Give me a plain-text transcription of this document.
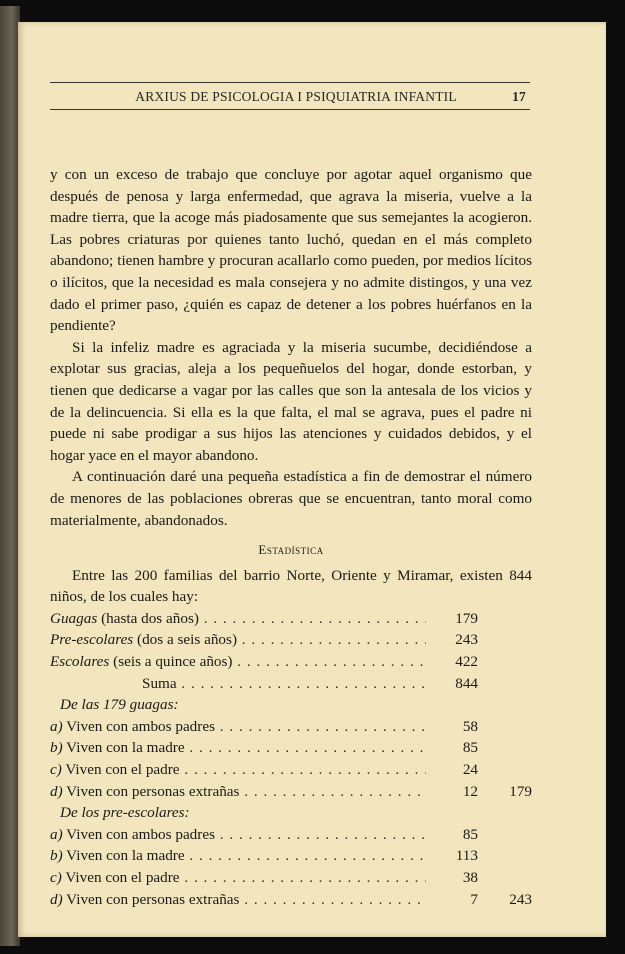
ARXIUS DE PSICOLOGIA I PSIQUIATRIA INFANTIL	17

y con un exceso de trabajo que concluye por agotar aquel organismo que después de penosa y larga enfermedad, que agrava la miseria, vuelve a la madre tierra, que la acoge más piadosamente que sus semejantes la acogieron. Las pobres criaturas por quienes tanto luchó, quedan en el más completo abandono; tienen hambre y procuran acallarlo como pueden, por medios lícitos o ilícitos, que la necesidad es mala consejera y no admite distingos, y una vez dado el primer paso, ¿quién es capaz de detener a los pobres huérfanos en la pendiente?

Si la infeliz madre es agraciada y la miseria sucumbe, decidiéndose a explotar sus gracias, aleja a los pequeñuelos del hogar, donde estorban, y tienen que dedicarse a vagar por las calles que son la antesala de los vicios y de la delincuencia. Si ella es la que falta, el mal se agrava, pues el padre ni puede ni sabe prodigar a sus hijos las atenciones y cuidados debidos, y el hogar yace en el mayor abandono.

A continuación daré una pequeña estadística a fin de demostrar el número de menores de las poblaciones obreras que se encuentran, tanto moral como materialmente, abandonados.

Estadística

Entre las 200 familias del barrio Norte, Oriente y Miramar, existen 844 niños, de los cuales hay:

Guagas (hasta dos años) . . .	179
Pre-escolares (dos a seis años) . . .	243
Escolares (seis a quince años) . . .	422
Suma . . .	844
De las 179 guagas:
a) Viven con ambos padres . . .	58
b) Viven con la madre . . .	85
c) Viven con el padre . . .	24
d) Viven con personas extrañas . . .	12	179
De los pre-escolares:
a) Viven con ambos padres . . .	85
b) Viven con la madre . . .	113
c) Viven con el padre . . .	38
d) Viven con personas extrañas . . .	7	243
